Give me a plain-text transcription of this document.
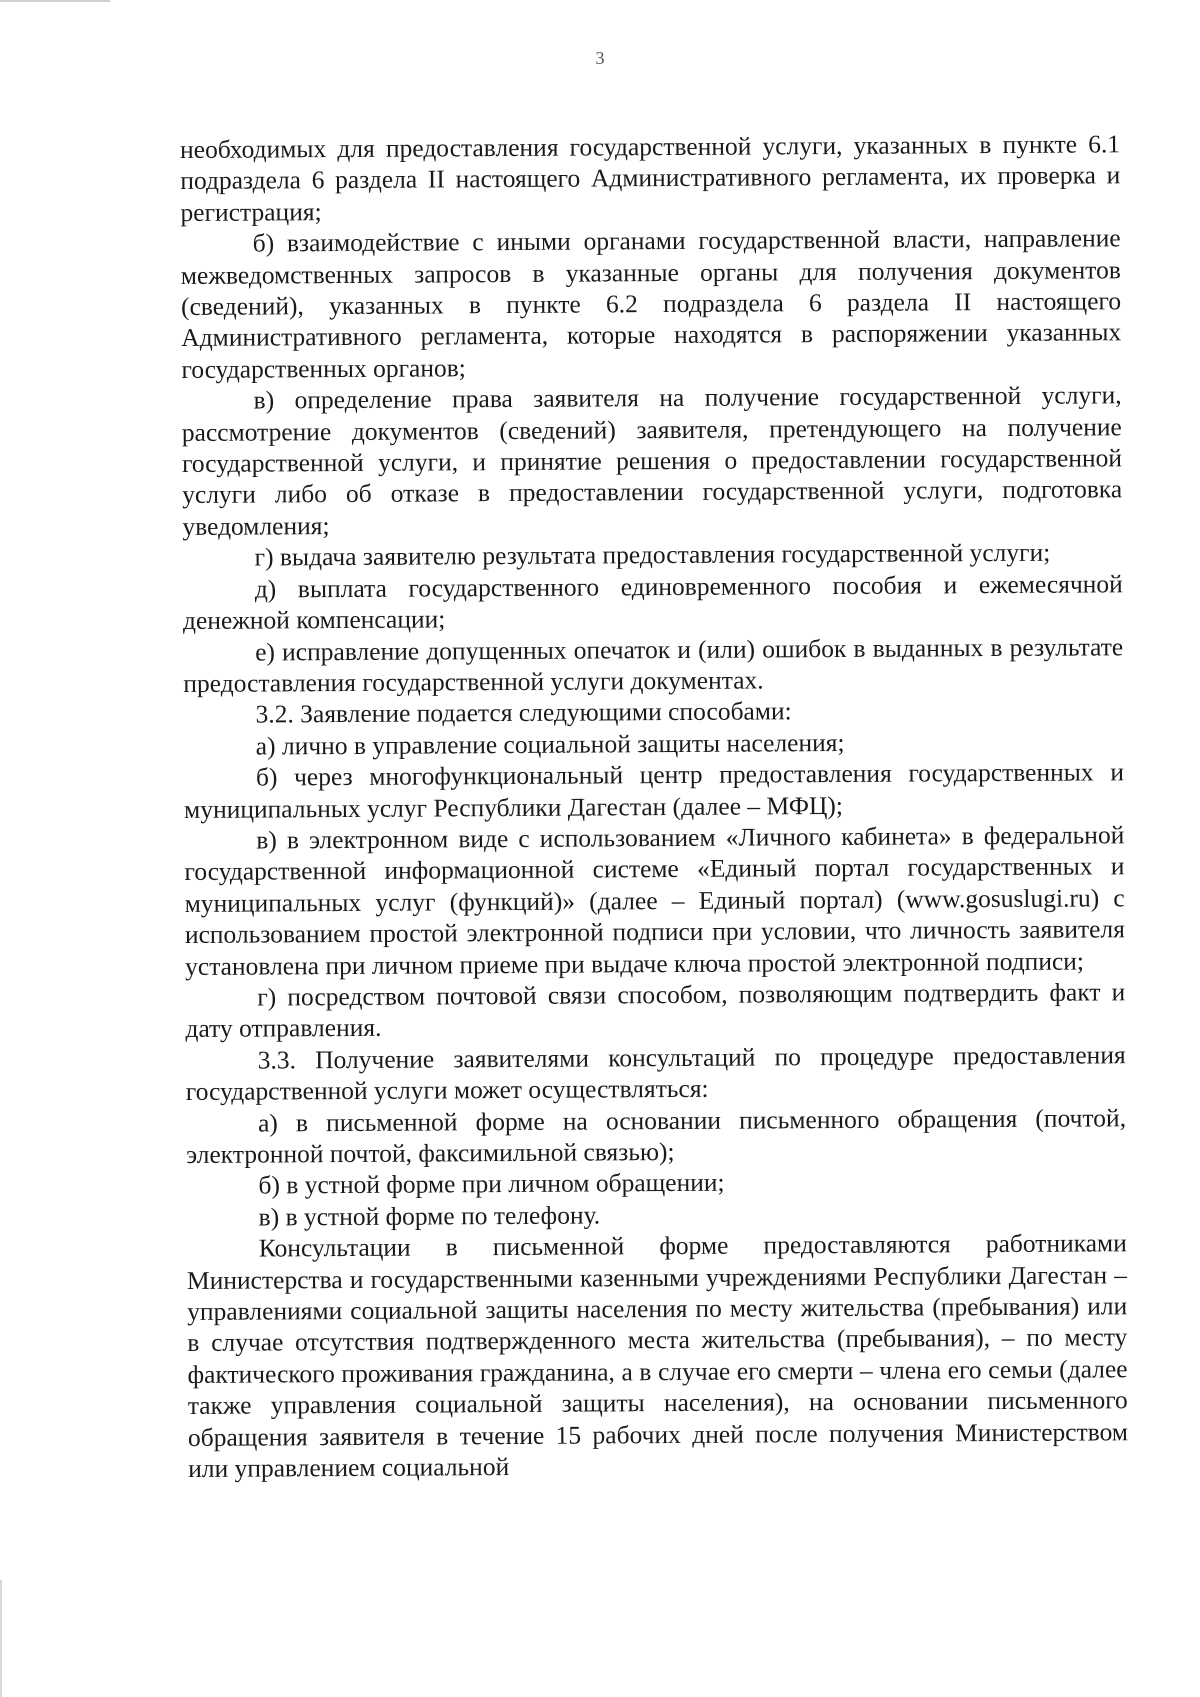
3

необходимых для предоставления государственной услуги, указанных в пункте 6.1 подраздела 6 раздела II настоящего Административного регламента, их проверка и регистрация;

б) взаимодействие с иными органами государственной власти, направление межведомственных запросов в указанные органы для получения документов (сведений), указанных в пункте 6.2 подраздела 6 раздела II настоящего Административного регламента, которые находятся в распоряжении указанных государственных органов;

в) определение права заявителя на получение государственной услуги, рассмотрение документов (сведений) заявителя, претендующего на получение государственной услуги, и принятие решения о предоставлении государственной услуги либо об отказе в предоставлении государственной услуги, подготовка уведомления;

г) выдача заявителю результата предоставления государственной услуги;

д) выплата государственного единовременного пособия и ежемесячной денежной компенсации;

е) исправление допущенных опечаток и (или) ошибок в выданных в результате предоставления государственной услуги документах.

3.2. Заявление подается следующими способами:

а) лично в управление социальной защиты населения;

б) через многофункциональный центр предоставления государственных и муниципальных услуг Республики Дагестан (далее – МФЦ);

в) в электронном виде с использованием «Личного кабинета» в федеральной государственной информационной системе «Единый портал государственных и муниципальных услуг (функций)» (далее – Единый портал) (www.gosuslugi.ru) с использованием простой электронной подписи при условии, что личность заявителя установлена при личном приеме при выдаче ключа простой электронной подписи;

г) посредством почтовой связи способом, позволяющим подтвердить факт и дату отправления.

3.3. Получение заявителями консультаций по процедуре предоставления государственной услуги может осуществляться:

а) в письменной форме на основании письменного обращения (почтой, электронной почтой, факсимильной связью);

б) в устной форме при личном обращении;

в) в устной форме по телефону.

Консультации в письменной форме предоставляются работниками Министерства и государственными казенными учреждениями Республики Дагестан – управлениями социальной защиты населения по месту жительства (пребывания) или в случае отсутствия подтвержденного места жительства (пребывания), – по месту фактического проживания гражданина, а в случае его смерти – члена его семьи (далее также управления социальной защиты населения), на основании письменного обращения заявителя в течение 15 рабочих дней после получения Министерством или управлением социальной
